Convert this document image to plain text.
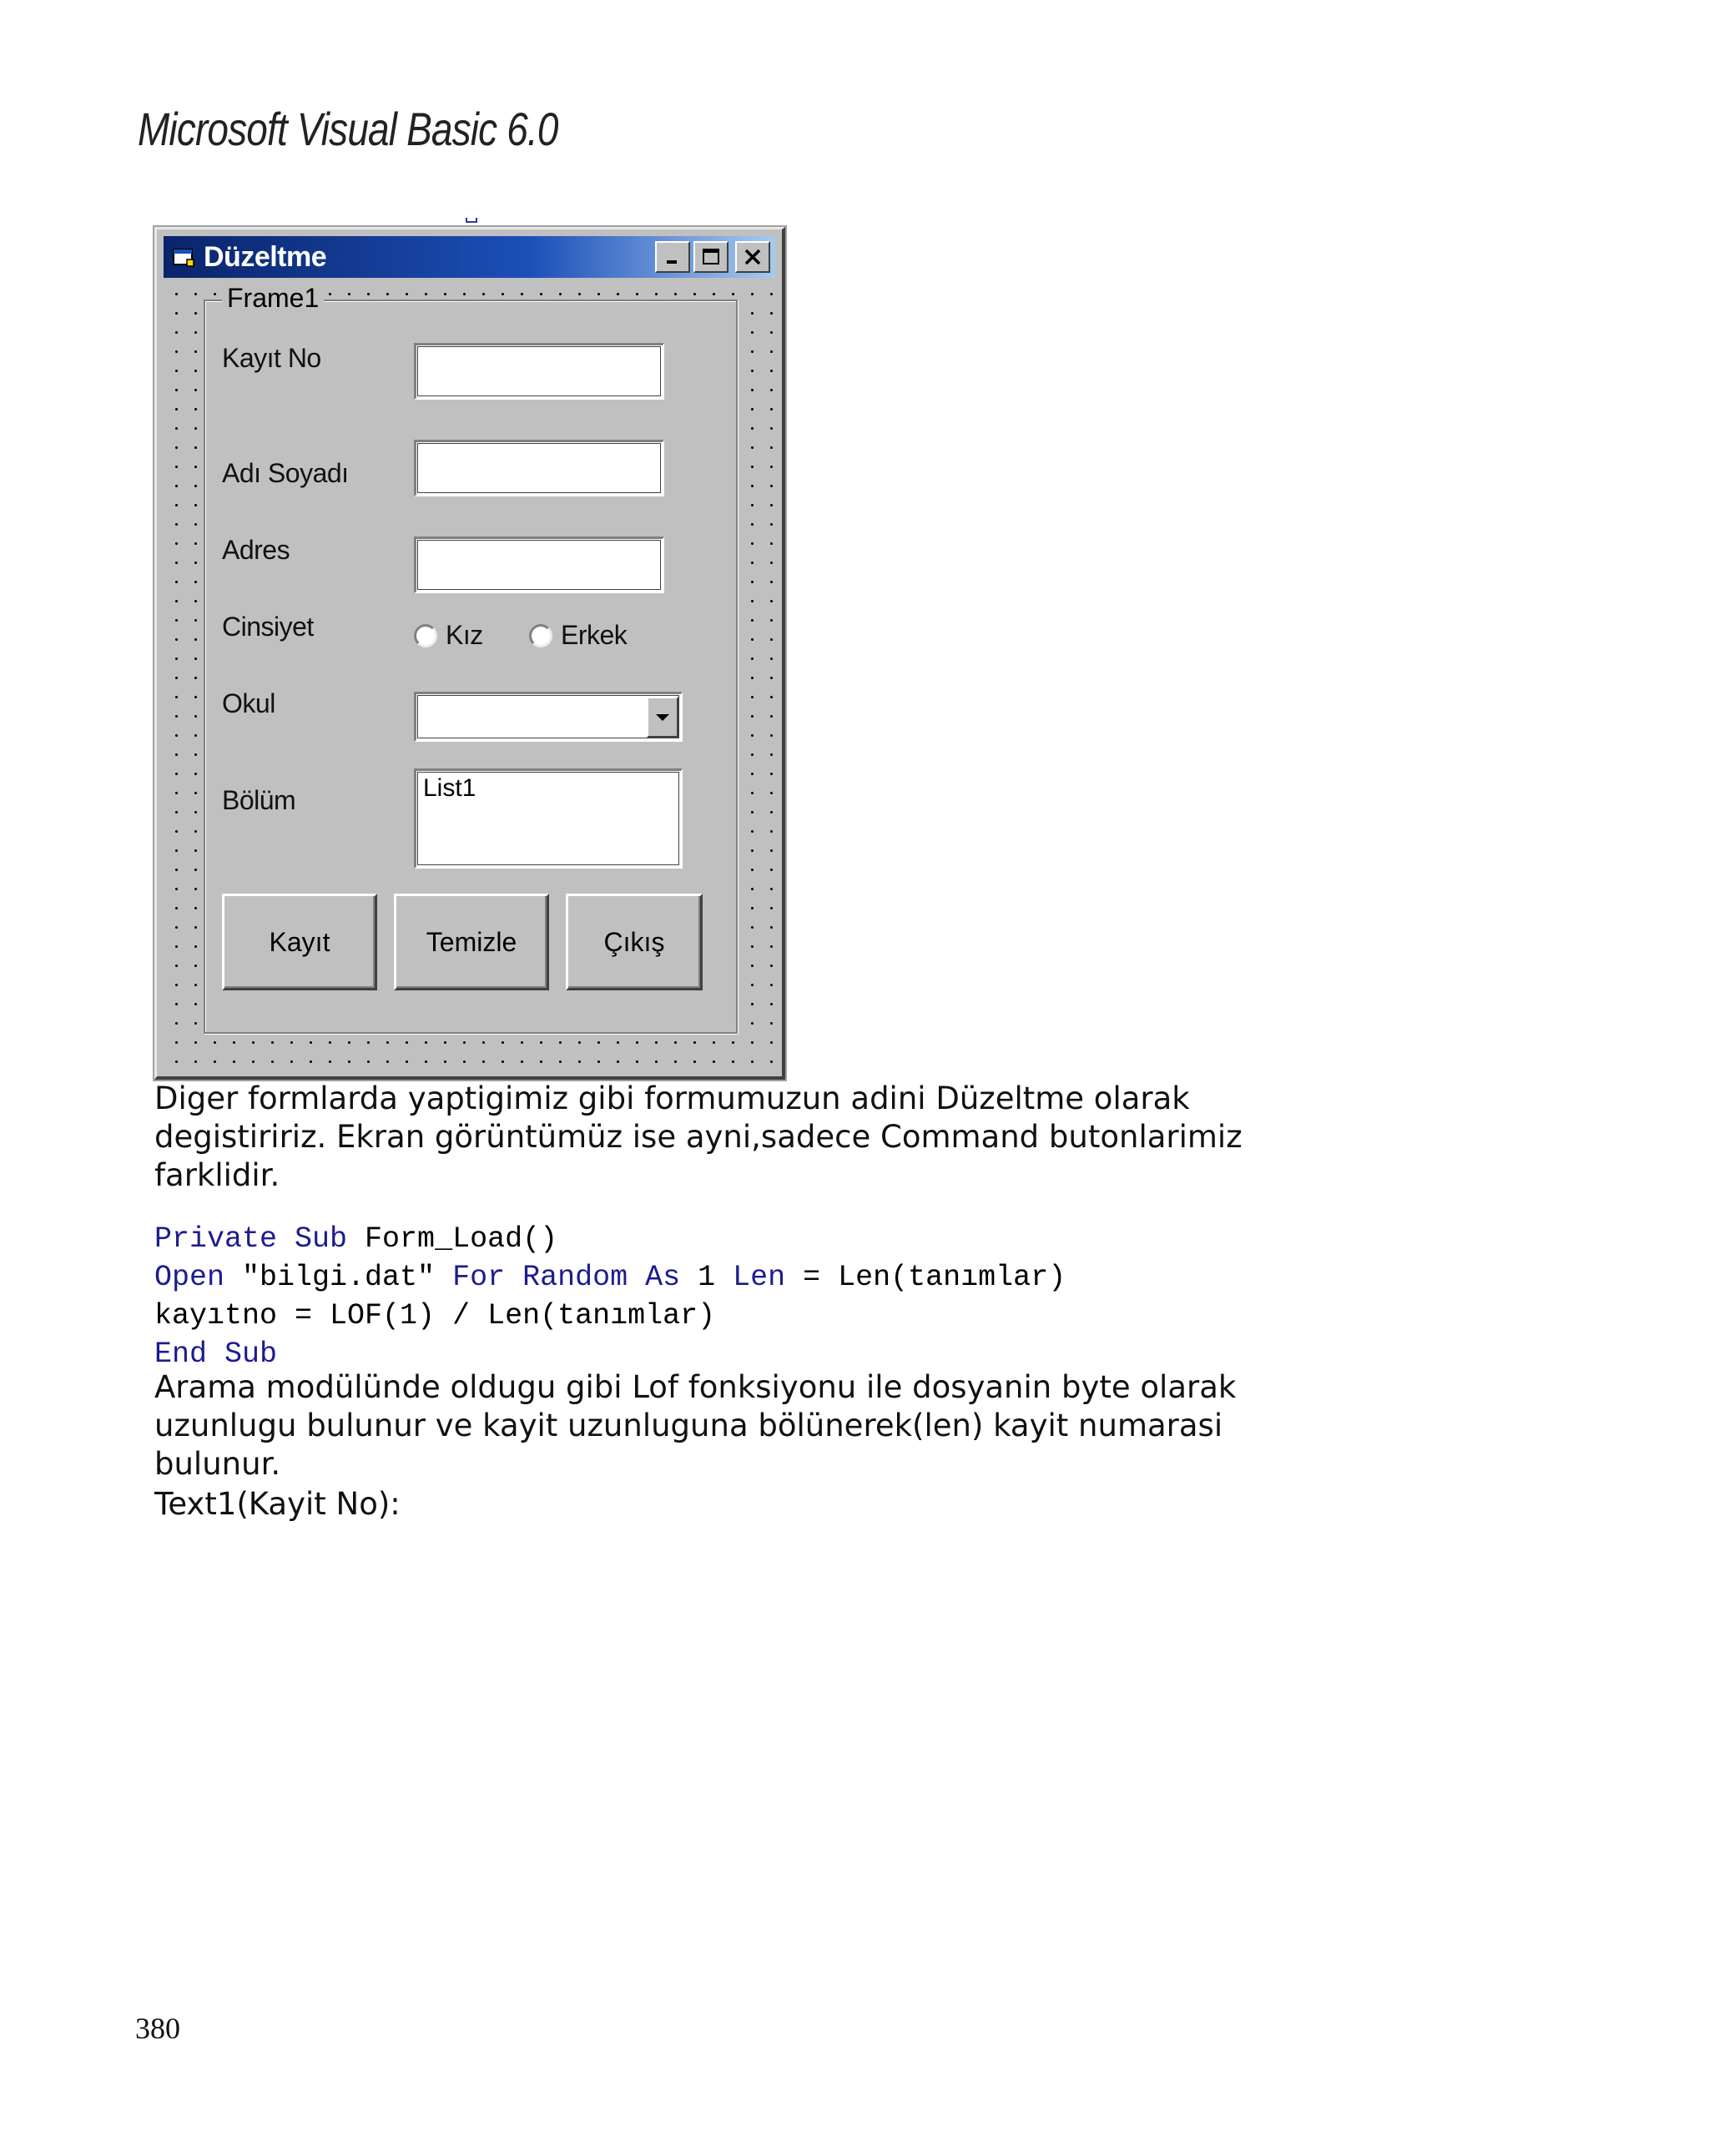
Microsoft Visual Basic 6.0
Düzeltme
Frame1
Kayıt No
Adı Soyadı
Adres
Cinsiyet	Kız	Erkek
Okul
Bölüm	List1
Kayıt	Temizle	Çıkış

Diger formlarda yaptigimiz gibi formumuzun adini Düzeltme olarak degistiririz. Ekran görüntümüz ise ayni,sadece Command butonlarimiz farklidir.

Private Sub Form_Load()
Open "bilgi.dat" For Random As 1 Len = Len(tanımlar)
kayıtno = LOF(1) / Len(tanımlar)
End Sub

Arama modülünde oldugu gibi Lof fonksiyonu ile dosyanin byte olarak uzunlugu bulunur ve kayit uzunluguna bölünerek(len) kayit numarasi bulunur.

Text1(Kayit No):

380
